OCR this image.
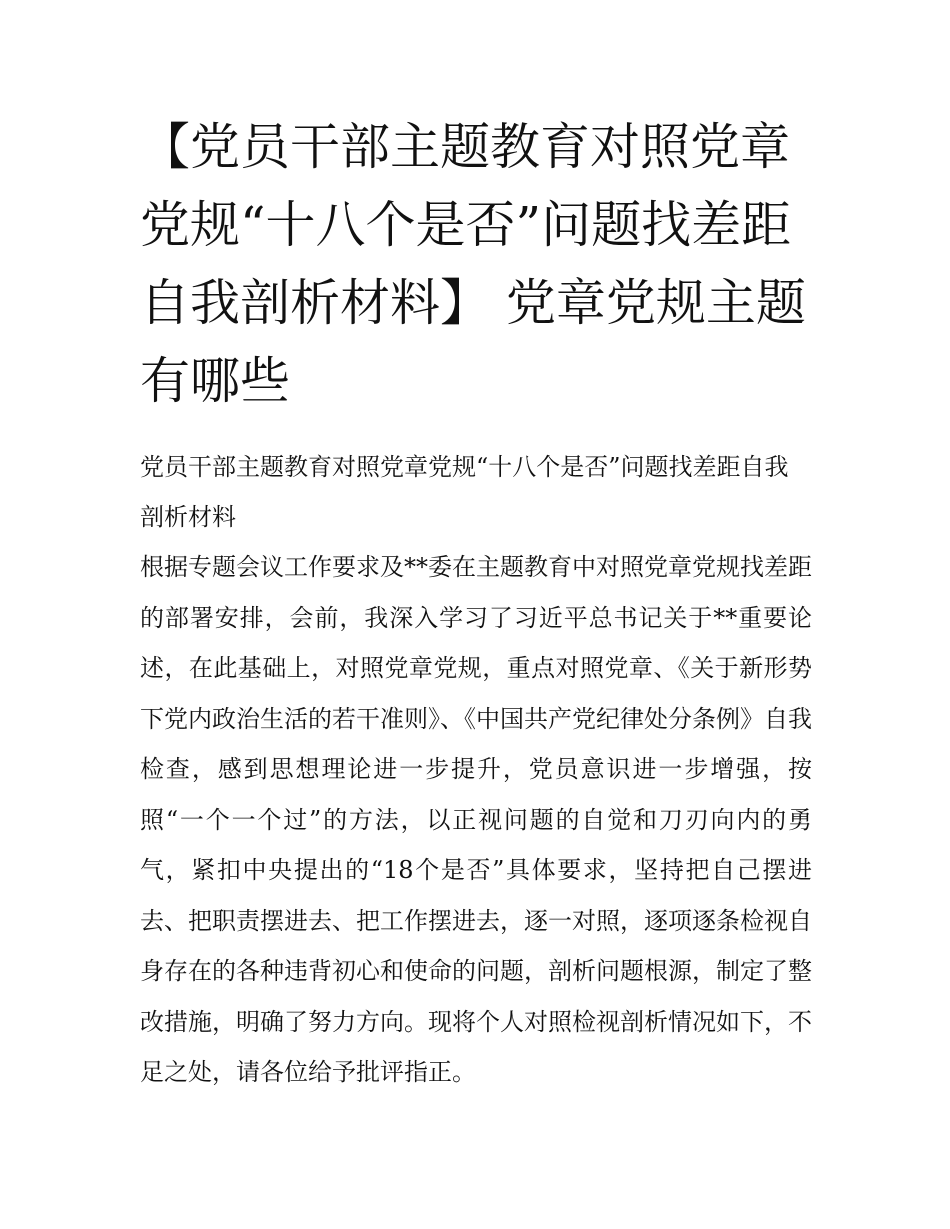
【党员干部主题教育对照党章党规“十八个是否”问题找差距自我剖析材料】 党章党规主题有哪些

党员干部主题教育对照党章党规“十八个是否”问题找差距自我剖析材料

根据专题会议工作要求及**委在主题教育中对照党章党规找差距的部署安排，会前，我深入学习了习近平总书记关于**重要论述，在此基础上，对照党章党规，重点对照党章、《关于新形势下党内政治生活的若干准则》、《中国共产党纪律处分条例》自我检查，感到思想理论进一步提升，党员意识进一步增强，按照“一个一个过”的方法，以正视问题的自觉和刀刃向内的勇气，紧扣中央提出的“18个是否”具体要求，坚持把自己摆进去、把职责摆进去、把工作摆进去，逐一对照，逐项逐条检视自身存在的各种违背初心和使命的问题，剖析问题根源，制定了整改措施，明确了努力方向。现将个人对照检视剖析情况如下，不足之处，请各位给予批评指正。
